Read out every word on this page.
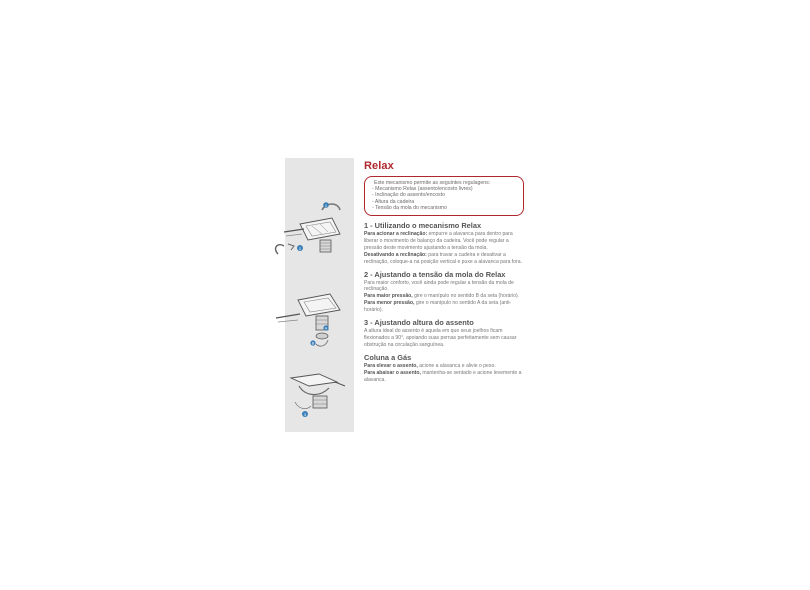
1
2
A
B
3
Relax
Este mecanismo permite as seguintes regulagens:
- Mecanismo Relax (assento/encosto livres)
- Inclinação do assento/encosto
- Altura da cadeira
- Tensão da mola do mecanismo
1 - Utilizando o mecanismo Relax

Para acionar a reclinação: empurre a alavanca para dentro para liberar o movimento de balanço da cadeira. Você pode regular a pressão deste movimento ajustando a tensão da mola.

Desativando a reclinação: para travar a cadeira e desativar a reclinação, coloque-a na posição vertical e puxe a alavanca para fora.

2 - Ajustando a tensão da mola do Relax

Para maior conforto, você ainda pode regular a tensão da mola de reclinação.

Para maior pressão, gire o manípulo no sentido B da seta (horário).

Para menor pressão, gire o manípulo no sentido A da seta (anti-horário).

3 - Ajustando altura do assento

A altura ideal do assento é aquela em que seus joelhos ficam flexionados a 90°, apoiando suas pernas perfeitamente sem causar obstrução na circulação sanguínea.

Coluna a Gás

Para elevar o assento, acione a alavanca e alivie o peso.

Para abaixar o assento, mantenha-se sentado e acione levemente a alavanca.
